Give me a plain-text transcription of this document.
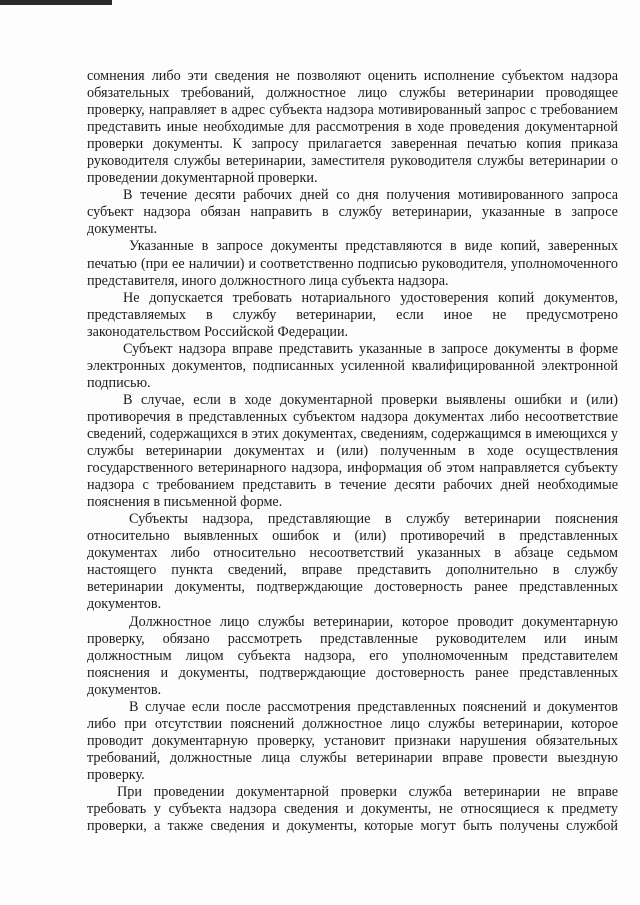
сомнения либо эти сведения не позволяют оценить исполнение субъектом надзора обязательных требований, должностное лицо службы ветеринарии проводящее проверку, направляет в адрес субъекта надзора мотивированный запрос с требованием представить иные необходимые для рассмотрения в ходе проведения документарной проверки документы. К запросу прилагается заверенная печатью копия приказа руководителя службы ветеринарии, заместителя руководителя службы ветеринарии о проведении документарной проверки.

В течение десяти рабочих дней со дня получения мотивированного запроса субъект надзора обязан направить в службу ветеринарии, указанные в запросе документы.

Указанные в запросе документы представляются в виде копий, заверенных печатью (при ее наличии) и соответственно подписью руководителя, уполномоченного представителя, иного должностного лица субъекта надзора.

Не допускается требовать нотариального удостоверения копий документов, представляемых в службу ветеринарии, если иное не предусмотрено законодательством Российской Федерации.

Субъект надзора вправе представить указанные в запросе документы в форме электронных документов, подписанных усиленной квалифицированной электронной подписью.

В случае, если в ходе документарной проверки выявлены ошибки и (или) противоречия в представленных субъектом надзора документах либо несоответствие сведений, содержащихся в этих документах, сведениям, содержащимся в имеющихся у службы ветеринарии документах и (или) полученным в ходе осуществления государственного ветеринарного надзора, информация об этом направляется субъекту надзора с требованием представить в течение десяти рабочих дней необходимые пояснения в письменной форме.

Субъекты надзора, представляющие в службу ветеринарии пояснения относительно выявленных ошибок и (или) противоречий в представленных документах либо относительно несоответствий указанных в абзаце седьмом настоящего пункта сведений, вправе представить дополнительно в службу ветеринарии документы, подтверждающие достоверность ранее представленных документов.

Должностное лицо службы ветеринарии, которое проводит документарную проверку, обязано рассмотреть представленные руководителем или иным должностным лицом субъекта надзора, его уполномоченным представителем пояснения и документы, подтверждающие достоверность ранее представленных документов.

В случае если после рассмотрения представленных пояснений и документов либо при отсутствии пояснений должностное лицо службы ветеринарии, которое проводит документарную проверку, установит признаки нарушения обязательных требований, должностные лица службы ветеринарии вправе провести выездную проверку.

При проведении документарной проверки служба ветеринарии не вправе требовать у субъекта надзора сведения и документы, не относящиеся к предмету проверки, а также сведения и документы, которые могут быть получены службой
